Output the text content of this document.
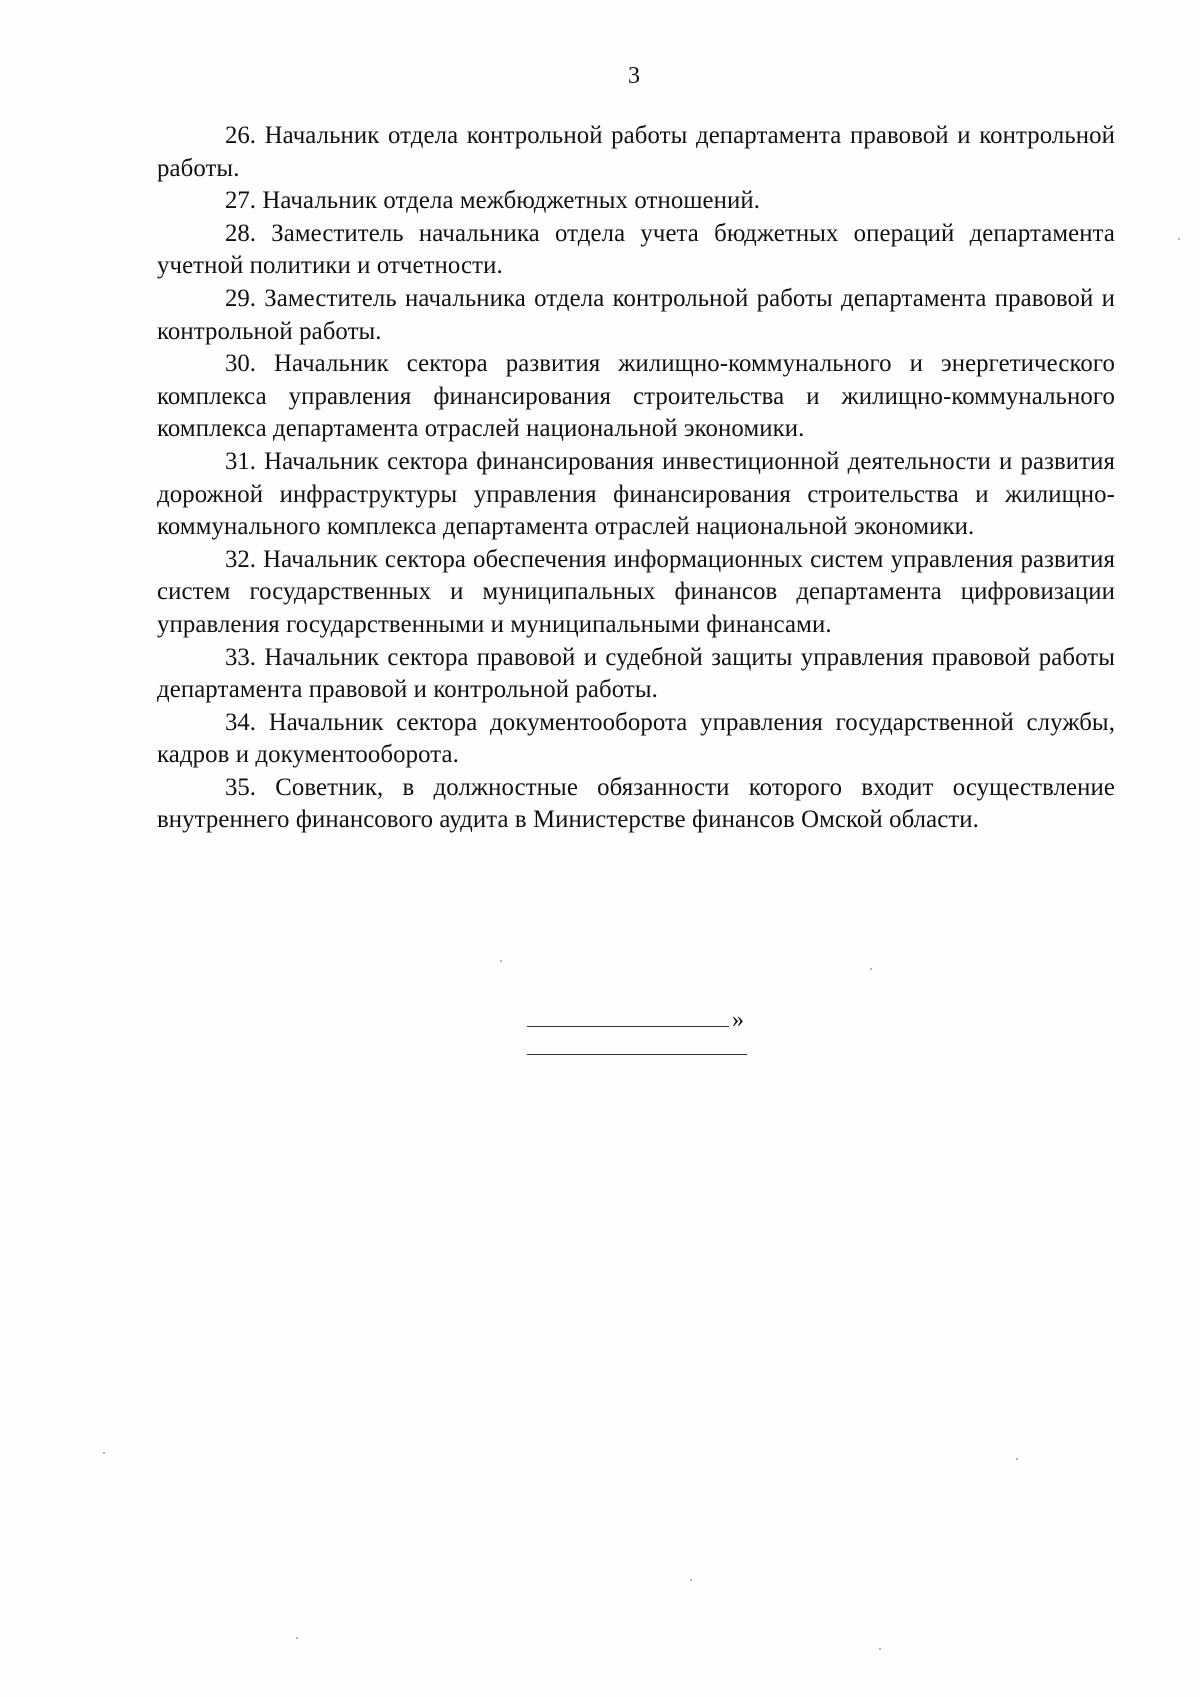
3

26. Начальник отдела контрольной работы департамента правовой и контрольной работы.

27. Начальник отдела межбюджетных отношений.

28. Заместитель начальника отдела учета бюджетных операций департамента учетной политики и отчетности.

29. Заместитель начальника отдела контрольной работы департамента правовой и контрольной работы.

30. Начальник сектора развития жилищно-коммунального и энергетического комплекса управления финансирования строительства и жилищно-коммунального комплекса департамента отраслей национальной экономики.

31. Начальник сектора финансирования инвестиционной деятельности и развития дорожной инфраструктуры управления финансирования строительства и жилищно-коммунального комплекса департамента отраслей национальной экономики.

32. Начальник сектора обеспечения информационных систем управления развития систем государственных и муниципальных финансов департамента цифровизации управления государственными и муниципальными финансами.

33. Начальник сектора правовой и судебной защиты управления правовой работы департамента правовой и контрольной работы.

34. Начальник сектора документооборота управления государственной службы, кадров и документооборота.

35. Советник, в должностные обязанности которого входит осуществление внутреннего финансового аудита в Министерстве финансов Омской области.

»
